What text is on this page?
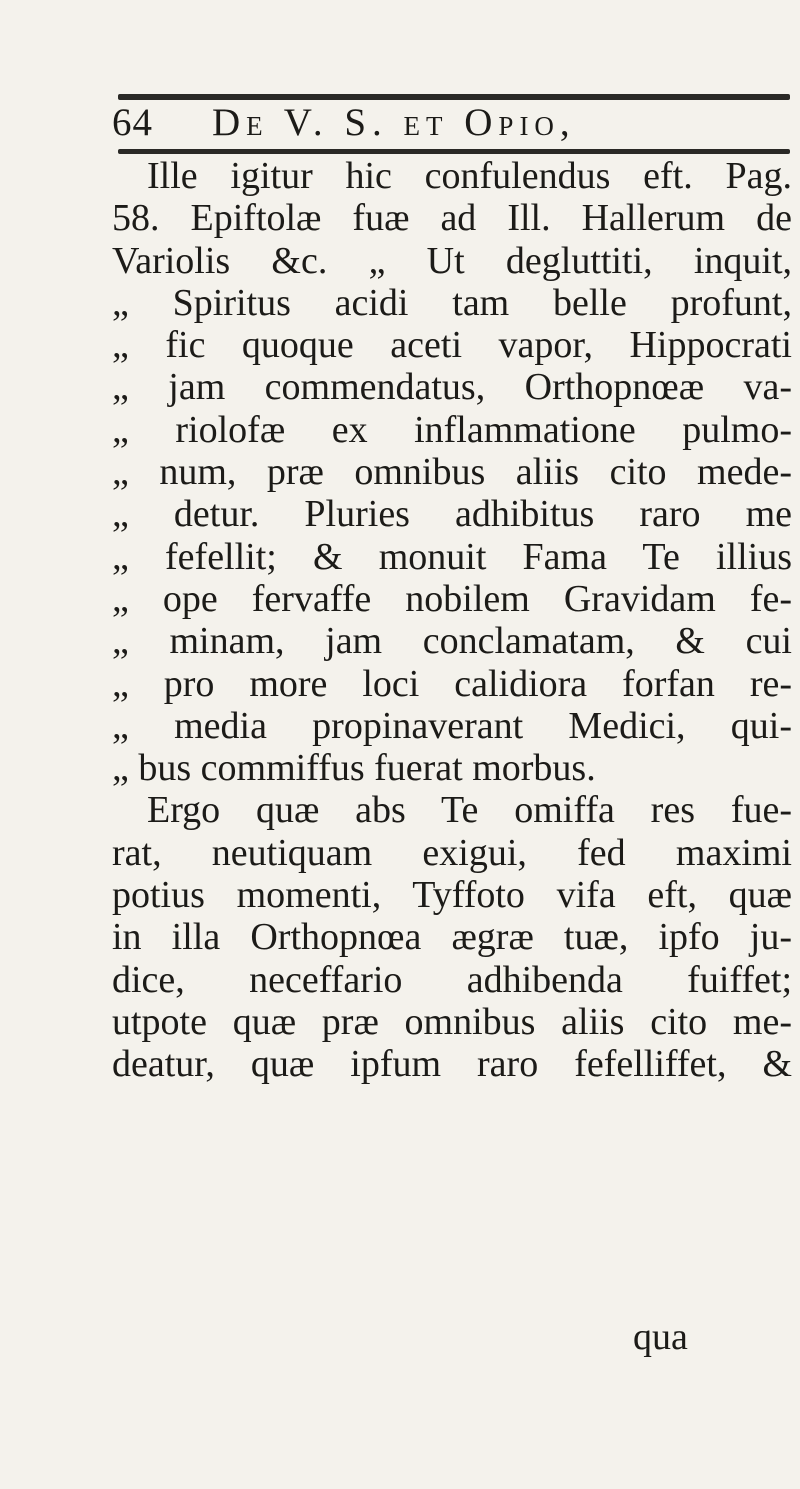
64	De V. S. et Opio,
Ille igitur hic confulendus eft. Pag.
58. Epiftolæ fuæ ad Ill. Hallerum de
Variolis &c. „ Ut degluttiti, inquit,
„ Spiritus acidi tam belle profunt,
„ fic quoque aceti vapor, Hippocrati
„ jam commendatus, Orthopnœæ va-
„ riolofæ ex inflammatione pulmo-
„ num, præ omnibus aliis cito mede-
„ detur. Pluries adhibitus raro me
„ fefellit; & monuit Fama Te illius
„ ope fervaffe nobilem Gravidam fe-
„ minam, jam conclamatam, & cui
„ pro more loci calidiora forfan re-
„ media propinaverant Medici, qui-
„ bus commiffus fuerat morbus.
Ergo quæ abs Te omiffa res fue-
rat, neutiquam exigui, fed maximi
potius momenti, Tyffoto vifa eft, quæ
in illa Orthopnœa ægræ tuæ, ipfo ju-
dice, neceffario adhibenda fuiffet;
utpote quæ præ omnibus aliis cito me-
deatur, quæ ipfum raro fefelliffet, &
qua
